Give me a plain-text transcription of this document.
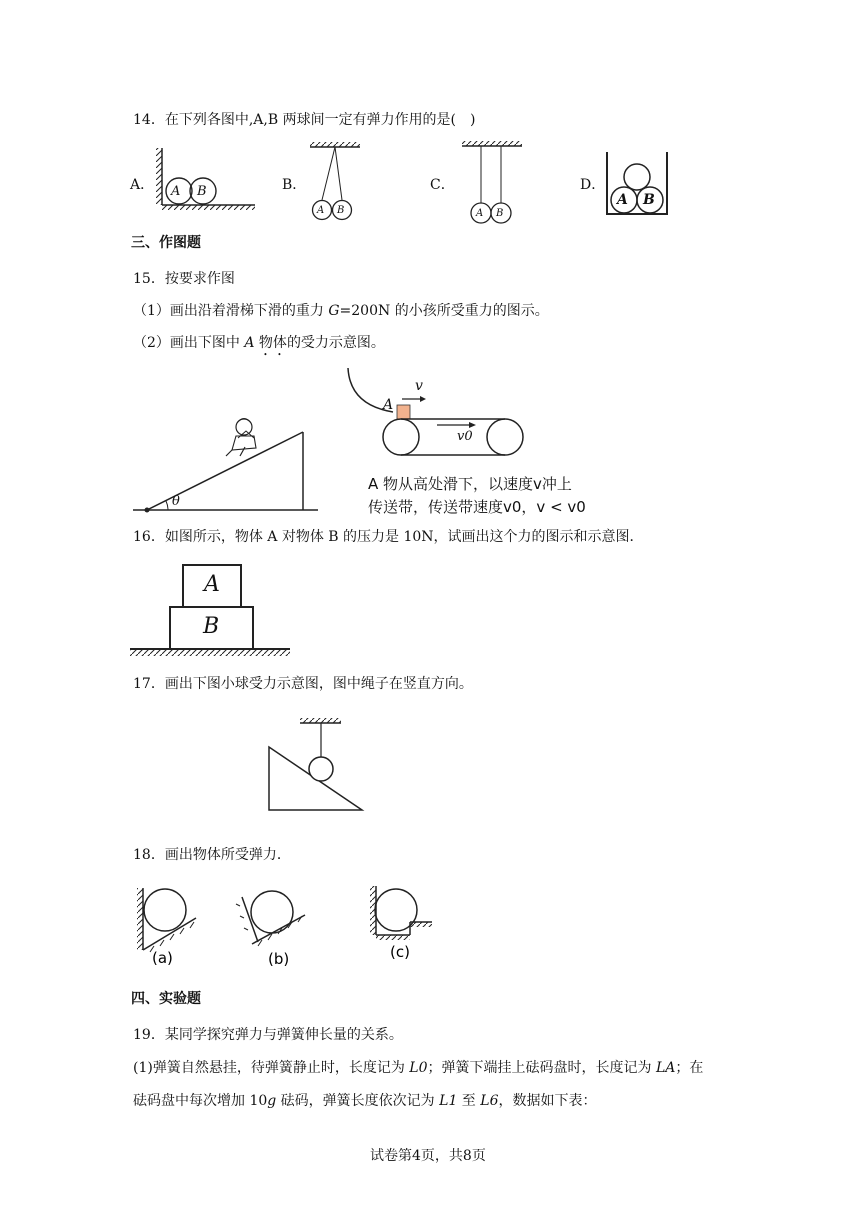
14．在下列各图中,A,B 两球间一定有弹力作用的是(　)
A．	B．	C．	D．
(a)	(b)	(c)
A B
A B	A B
A B
三、作图题
15．按要求作图
（1）画出沿着滑梯下滑的重力 G=200N 的小孩所受重力的图示。
（2）画出下图中 A 物体的受力示意图。
θ
A
v
v0
A 物从高处滑下，以速度v冲上
传送带，传送带速度v0，v < v0
16．如图所示，物体 A 对物体 B 的压力是 10N，试画出这个力的图示和示意图．
A
B
17．画出下图小球受力示意图，图中绳子在竖直方向。
18．画出物体所受弹力．
四、实验题
19．某同学探究弹力与弹簧伸长量的关系。
(1)弹簧自然悬挂，待弹簧静止时，长度记为 L0；弹簧下端挂上砝码盘时，长度记为 LA；在
砝码盘中每次增加 10g 砝码，弹簧长度依次记为 L1 至 L6，数据如下表：
试卷第4页，共8页
